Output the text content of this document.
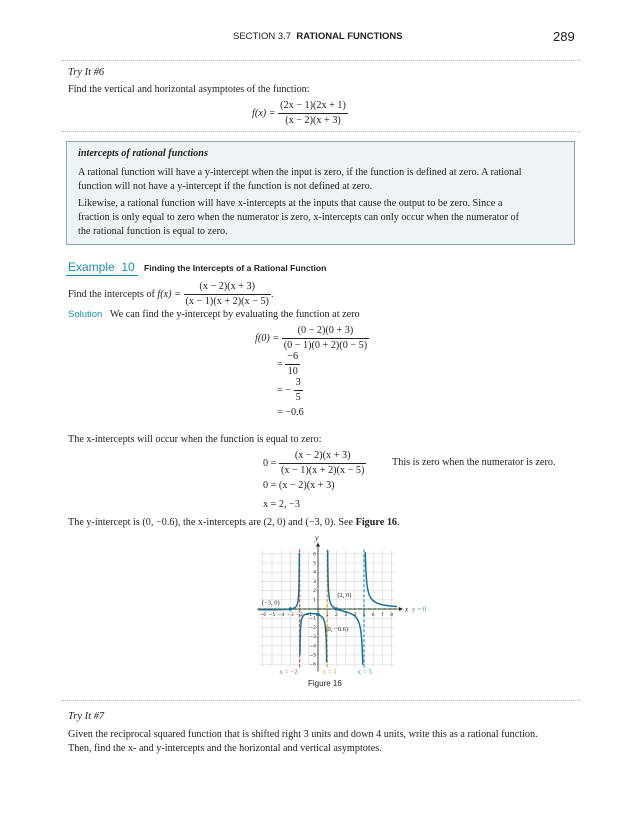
SECTION 3.7 RATIONAL FUNCTIONS	289
Try It #6
Find the vertical and horizontal asymptotes of the function:
$f(x) = \frac{(2x - 1)(2x + 1)}{(x - 2)(x + 3)}$

intercepts of rational functions

A rational function will have a y-intercept when the input is zero, if the function is defined at zero. A rational

function will not have a y-intercept if the function is not defined at zero.

Likewise, a rational function will have x-intercepts at the inputs that cause the output to be zero. Since a

fraction is only equal to zero when the numerator is zero, x-intercepts can only occur when the numerator of

the rational function is equal to zero.

Example 10 Finding the Intercepts of a Rational Function
Find the intercepts of $f(x) = \frac{(x - 2)(x + 3)}{(x - 1)(x + 2)(x - 5)}$ .
Solution We can find the y-intercept by evaluating the function at zero
$f(0) = \frac{(0 - 2)(0 + 3)}{(0 - 1)(0 + 2)(0 - 5)}$
= $\frac{-6}{10}$
= − $\frac{3}{5}$
= −0.6
The x-intercepts will occur when the function is equal to zero:
$0 = \frac{(x - 2)(x + 3)}{(x - 1)(x + 2)(x - 5)}$	This is zero when the numerator is zero.
0 = (x − 2)(x + 3)
x = 2, −3
The y-intercept is (0, −0.6), the x-intercepts are (2, 0) and (−3, 0). See Figure 16.
−6 −5 −4 −3 −2 −1	1 2 3 4 5 6 7 8
6
5
4
3
2
1
−1
−2
−3
−4
−5
−6
y
x y = 0
(−3, 0)
(2, 0)
(0, −0.6)
x = −2	x = 1	x = 5
Figure 16
Try It #7
Given the reciprocal squared function that is shifted right 3 units and down 4 units, write this as a rational function.
Then, find the x- and y-intercepts and the horizontal and vertical asymptotes.
